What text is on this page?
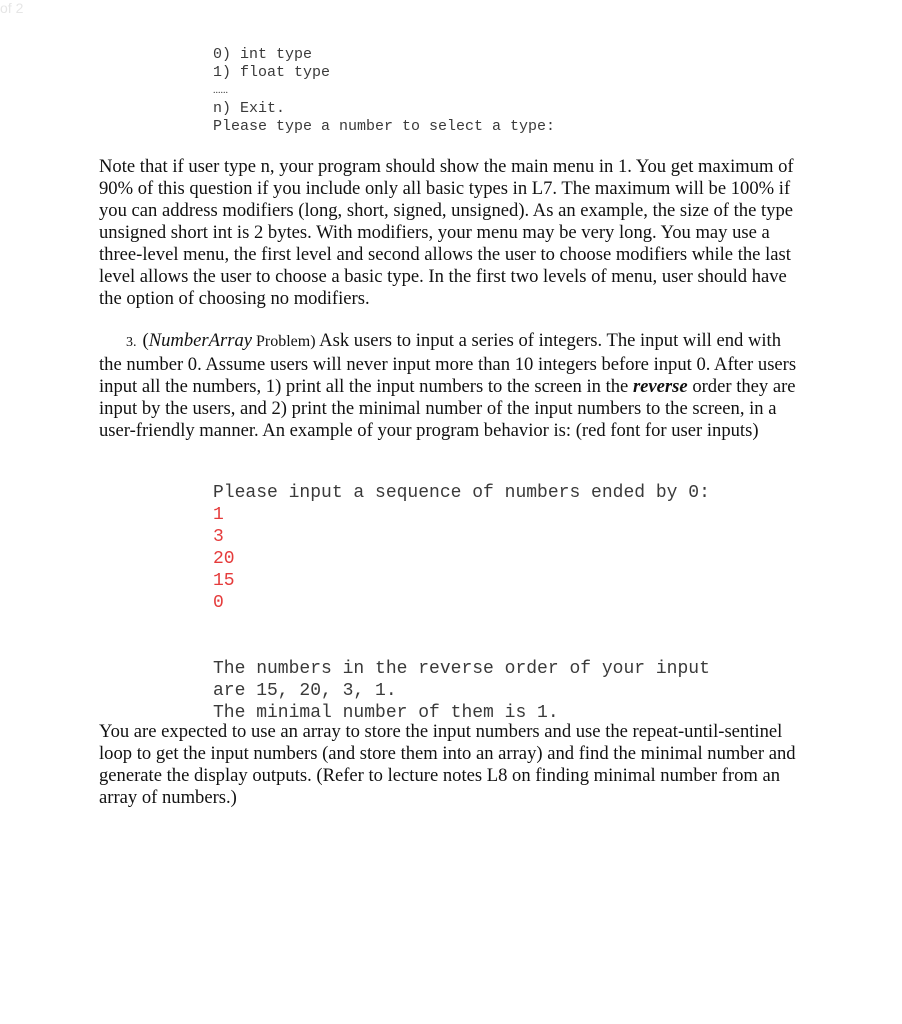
of 2
0) int type
1) float type
......
n) Exit.
Please type a number to select a type:

Note that if user type n, your program should show the main menu in 1. You get maximum of 90% of this question if you include only all basic types in L7. The maximum will be 100% if you can address modifiers (long, short, signed, unsigned). As an example, the size of the type unsigned short int is 2 bytes. With modifiers, your menu may be very long. You may use a three-level menu, the first level and second allows the user to choose modifiers while the last level allows the user to choose a basic type. In the first two levels of menu, user should have the option of choosing no modifiers.

3. (NumberArray Problem) Ask users to input a series of integers. The input will end with the number 0. Assume users will never input more than 10 integers before input 0. After users input all the numbers, 1) print all the input numbers to the screen in the reverse order they are input by the users, and 2) print the minimal number of the input numbers to the screen, in a user-friendly manner. An example of your program behavior is: (red font for user inputs)

Please input a sequence of numbers ended by 0:
1
3
20
15
0
The numbers in the reverse order of your input
are 15, 20, 3, 1.
The minimal number of them is 1.

You are expected to use an array to store the input numbers and use the repeat-until-sentinel loop to get the input numbers (and store them into an array) and find the minimal number and generate the display outputs. (Refer to lecture notes L8 on finding minimal number from an array of numbers.)
